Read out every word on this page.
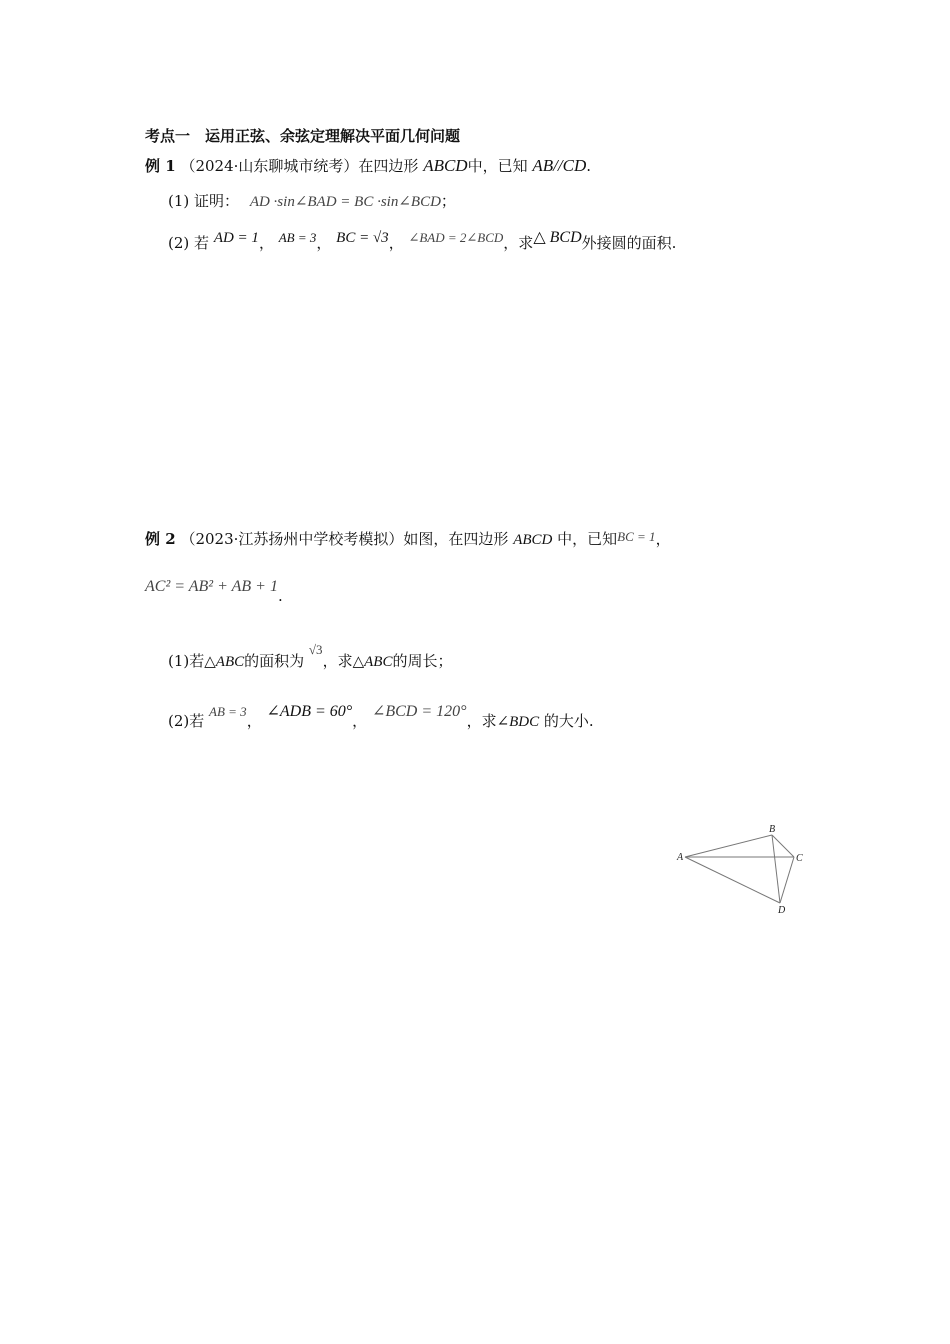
考点一　运用正弦、余弦定理解决平面几何问题
例 1 （2024·山东聊城市统考）在四边形 ABCD中，已知 AB//CD.
(1) 证明： AD ·sin∠BAD = BC ·sin∠BCD；
(2) 若 AD = 1， AB = 3， BC = √3， ∠BAD = 2∠BCD，求△ BCD外接圆的面积.
例 2 （2023·江苏扬州中学校考模拟）如图，在四边形 ABCD 中，已知BC = 1，
AC² = AB² + AB + 1.
(1)若△ABC的面积为 √3，求△ABC的周长；
(2)若 AB = 3， ∠ADB = 60°， ∠BCD = 120°，求∠BDC 的大小.
A
B
C
D
